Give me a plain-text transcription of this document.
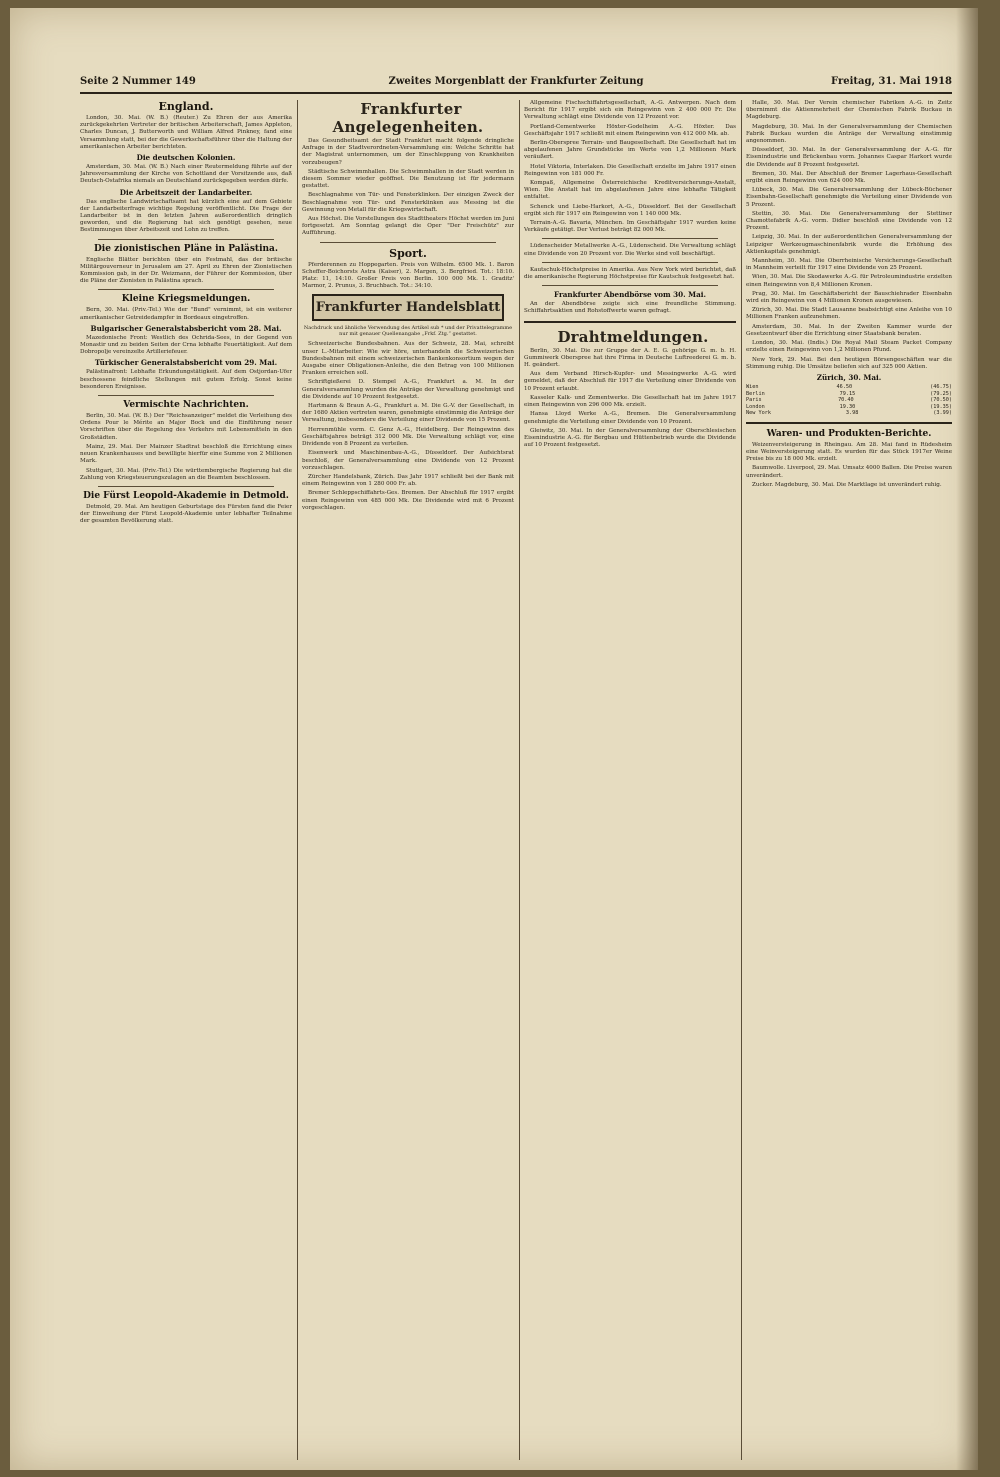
Seite 2 Nummer 149	Zweites Morgenblatt der Frankfurter Zeitung	Freitag, 31. Mai 1918

England.

London, 30. Mai. (W. B.) (Reuter.) Zu Ehren der aus Amerika zurückgekehrten Vertreter der britischen Arbeiterschaft, James Appleton, Charles Duncan, J. Butterworth und William Alfred Pinkney, fand eine Versammlung statt, bei der die Gewerkschaftsführer über die Haltung der amerikanischen Arbeiter berichteten.

Die deutschen Kolonien.

Amsterdam, 30. Mai. (W. B.) Nach einer Reutermeldung führte auf der Jahresversammlung der Kirche von Schottland der Vorsitzende aus, daß Deutsch-Ostafrika niemals an Deutschland zurückgegeben werden dürfe.

Die Arbeitszeit der Landarbeiter.

Das englische Landwirtschaftsamt hat kürzlich eine auf dem Gebiete der Landarbeiterfrage wichtige Regelung veröffentlicht. Die Frage der Landarbeiter ist in den letzten Jahren außerordentlich dringlich geworden, und die Regierung hat sich genötigt gesehen, neue Bestimmungen über Arbeitszeit und Lohn zu treffen.

Die zionistischen Pläne in Palästina.

Englische Blätter berichten über ein Festmahl, das der britische Militärgouverneur in Jerusalem am 27. April zu Ehren der Zionistischen Kommission gab, in der Dr. Weizmann, der Führer der Kommission, über die Pläne der Zionisten in Palästina sprach.

Kleine Kriegsmeldungen.

Bern, 30. Mai. (Priv.-Tel.) Wie der "Bund" vernimmt, ist ein weiterer amerikanischer Getreidedampfer in Bordeaux eingetroffen.

Bulgarischer Generalstabsbericht vom 28. Mai.

Mazedonische Front: Westlich des Ochrida-Sees, in der Gegend von Monastir und zu beiden Seiten der Crna lebhafte Feuertätigkeit. Auf dem Dobropolje vereinzelte Artilleriefeuer.

Türkischer Generalstabsbericht vom 29. Mai.

Palästinafront: Lebhafte Erkundungstätigkeit. Auf dem Ostjordan-Ufer beschossene feindliche Stellungen mit gutem Erfolg. Sonst keine besonderen Ereignisse.

Vermischte Nachrichten.

Berlin, 30. Mai. (W. B.) Der "Reichsanzeiger" meldet die Verleihung des Ordens Pour le Mérite an Major Bock und die Einführung neuer Vorschriften über die Regelung des Verkehrs mit Lebensmitteln in den Großstädten.

Mainz, 29. Mai. Der Mainzer Stadtrat beschloß die Errichtung eines neuen Krankenhauses und bewilligte hierfür eine Summe von 2 Millionen Mark.

Stuttgart, 30. Mai. (Priv.-Tel.) Die württembergische Regierung hat die Zahlung von Kriegsteuerungszulagen an die Beamten beschlossen.

Die Fürst Leopold-Akademie in Detmold.

Detmold, 29. Mai. Am heutigen Geburtstage des Fürsten fand die Feier der Einweihung der Fürst Leopold-Akademie unter lebhafter Teilnahme der gesamten Bevölkerung statt.

Frankfurter Angelegenheiten.

Das Gesundheitsamt der Stadt Frankfurt macht folgende dringliche Anfrage in der Stadtverordneten-Versammlung ein: Welche Schritte hat der Magistrat unternommen, um der Einschleppung von Krankheiten vorzubeugen?

Städtische Schwimmhallen. Die Schwimmhallen in der Stadt werden in diesem Sommer wieder geöffnet. Die Benutzung ist für jedermann gestattet.

Beschlagnahme von Tür- und Fensterklinken. Der einzigen Zweck der Beschlagnahme von Tür- und Fensterklinken aus Messing ist die Gewinnung von Metall für die Kriegswirtschaft.

Aus Höchst. Die Vorstellungen des Stadttheaters Höchst werden im Juni fortgesetzt. Am Sonntag gelangt die Oper "Der Freischütz" zur Aufführung.

Sport.

Pferderennen zu Hoppegarten. Preis von Wilhelm. 6500 Mk. 1. Baron Scheffer-Boichorsts Astra (Kaiser), 2. Margen, 3. Bergfried. Tot.: 18:10. Platz: 11, 14:10. Großer Preis von Berlin. 100 000 Mk. 1. Graditz' Marmor, 2. Prunus, 3. Bruchbach. Tot.: 34:10.

Frankfurter Handelsblatt
Nachdruck und ähnliche Verwendung des Artikel sub * und der Privattelegramme nur mit genauer Quellenangabe „Frkf. Ztg.“ gestattet.

Schweizerische Bundesbahnen. Aus der Schweiz, 28. Mai, schreibt unser L.-Mitarbeiter: Wie wir höre, unterhandeln die Schweizerischen Bundesbahnen mit einem schweizerischen Bankenkonsortium wegen der Ausgabe einer Obligationen-Anleihe, die den Betrag von 100 Millionen Franken erreichen soll.

Schriftgießerei D. Stempel A.-G., Frankfurt a. M. In der Generalversammlung wurden die Anträge der Verwaltung genehmigt und die Dividende auf 10 Prozent festgesetzt.

Hartmann & Braun A.-G., Frankfurt a. M. Die G.-V. der Gesellschaft, in der 1680 Aktien vertreten waren, genehmigte einstimmig die Anträge der Verwaltung, insbesondere die Verteilung einer Dividende von 15 Prozent.

Herrenmühle vorm. C. Genz A.-G., Heidelberg. Der Reingewinn des Geschäftsjahres beträgt 312 000 Mk. Die Verwaltung schlägt vor, eine Dividende von 8 Prozent zu verteilen.

Eisenwerk und Maschinenbau-A.-G., Düsseldorf. Der Aufsichtsrat beschloß, der Generalversammlung eine Dividende von 12 Prozent vorzuschlagen.

Zürcher Handelsbank, Zürich. Das Jahr 1917 schließt bei der Bank mit einem Reingewinn von 1 280 000 Fr. ab.

Bremer Schleppschiffahrts-Ges. Bremen. Der Abschluß für 1917 ergibt einen Reingewinn von 485 000 Mk. Die Dividende wird mit 6 Prozent vorgeschlagen.

Allgemeine Fischschiffahrtsgesellschaft, A.-G. Antwerpen. Nach dem Bericht für 1917 ergibt sich ein Reingewinn von 2 400 000 Fr. Die Verwaltung schlägt eine Dividende von 12 Prozent vor.

Portland-Cementwerke Höxter-Godelheim A.-G. Höxter. Das Geschäftsjahr 1917 schließt mit einem Reingewinn von 412 000 Mk. ab.

Berlin-Oberspree Terrain- und Baugesellschaft. Die Gesellschaft hat im abgelaufenen Jahre Grundstücke im Werte von 1,2 Millionen Mark veräußert.

Hotel Viktoria, Interlaken. Die Gesellschaft erzielte im Jahre 1917 einen Reingewinn von 181 000 Fr.

Kompaß, Allgemeine Österreichische Kreditversicherungs-Anstalt, Wien. Die Anstalt hat im abgelaufenen Jahre eine lebhafte Tätigkeit entfaltet.

Schenck und Liebe-Harkort, A.-G., Düsseldorf. Bei der Gesellschaft ergibt sich für 1917 ein Reingewinn von 1 140 000 Mk.

Terrain-A.-G. Bavaria, München. Im Geschäftsjahr 1917 wurden keine Verkäufe getätigt. Der Verlust beträgt 82 000 Mk.

Lüdenscheider Metallwerke A.-G., Lüdenscheid. Die Verwaltung schlägt eine Dividende von 20 Prozent vor. Die Werke sind voll beschäftigt.

Kautschuk-Höchstpreise in Amerika. Aus New York wird berichtet, daß die amerikanische Regierung Höchstpreise für Kautschuk festgesetzt hat.

Frankfurter Abendbörse vom 30. Mai.

An der Abendbörse zeigte sich eine freundliche Stimmung. Schiffahrtsaktien und Rohstoffwerte waren gefragt.

Drahtmeldungen.

Berlin, 30. Mai. Die zur Gruppe der A. E. G. gehörige G. m. b. H. Gummiwerk Oberspree hat ihre Firma in Deutsche Luftreederei G. m. b. H. geändert.

Aus dem Verband Hirsch-Kupfer- und Messingwerke A.-G. wird gemeldet, daß der Abschluß für 1917 die Verteilung einer Dividende von 10 Prozent erlaubt.

Kasseler Kalk- und Zementwerke. Die Gesellschaft hat im Jahre 1917 einen Reingewinn von 296 000 Mk. erzielt.

Hansa Lloyd Werke A.-G., Bremen. Die Generalversammlung genehmigte die Verteilung einer Dividende von 10 Prozent.

Gleiwitz, 30. Mai. In der Generalversammlung der Oberschlesischen Eisenindustrie A.-G. für Bergbau und Hüttenbetrieb wurde die Dividende auf 10 Prozent festgesetzt.

Halle, 30. Mai. Der Verein chemischer Fabriken A.-G. in Zeitz übernimmt die Aktienmehrheit der Chemischen Fabrik Buckau in Magdeburg.

Magdeburg, 30. Mai. In der Generalversammlung der Chemischen Fabrik Buckau wurden die Anträge der Verwaltung einstimmig angenommen.

Düsseldorf, 30. Mai. In der Generalversammlung der A.-G. für Eisenindustrie und Brückenbau vorm. Johannes Caspar Harkort wurde die Dividende auf 8 Prozent festgesetzt.

Bremen, 30. Mai. Der Abschluß der Bremer Lagerhaus-Gesellschaft ergibt einen Reingewinn von 624 000 Mk.

Lübeck, 30. Mai. Die Generalversammlung der Lübeck-Büchener Eisenbahn-Gesellschaft genehmigte die Verteilung einer Dividende von 5 Prozent.

Stettin, 30. Mai. Die Generalversammlung der Stettiner Chamottefabrik A.-G. vorm. Didier beschloß eine Dividende von 12 Prozent.

Leipzig, 30. Mai. In der außerordentlichen Generalversammlung der Leipziger Werkzeugmaschinenfabrik wurde die Erhöhung des Aktienkapitals genehmigt.

Mannheim, 30. Mai. Die Oberrheinische Versicherungs-Gesellschaft in Mannheim verteilt für 1917 eine Dividende von 25 Prozent.

Wien, 30. Mai. Die Skodawerke A.-G. für Petroleumindustrie erzielten einen Reingewinn von 8,4 Millionen Kronen.

Prag, 30. Mai. Im Geschäftsbericht der Bauschiehrader Eisenbahn wird ein Reingewinn von 4 Millionen Kronen ausgewiesen.

Zürich, 30. Mai. Die Stadt Lausanne beabsichtigt eine Anleihe von 10 Millionen Franken aufzunehmen.

Amsterdam, 30. Mai. In der Zweiten Kammer wurde der Gesetzentwurf über die Errichtung einer Staatsbank beraten.

London, 30. Mai. (Indis.) Die Royal Mail Steam Packet Company erzielte einen Reingewinn von 1,2 Millionen Pfund.

New York, 29. Mai. Bei den heutigen Börsengeschäften war die Stimmung ruhig. Die Umsätze beliefen sich auf 325 000 Aktien.

Zürich, 30. Mai.

Wien	46.50	(46.75)
Berlin	79.15	(79.25)
Paris	70.40	(70.50)
London	19.30	(19.35)
New York	3.98	(3.99)

Waren- und Produkten-Berichte.

Weizenversteigerung in Rheingau. Am 28. Mai fand in Rüdesheim eine Weinversteigerung statt. Es wurden für das Stück 1917er Weine Preise bis zu 18 000 Mk. erzielt.

Baumwolle. Liverpool, 29. Mai. Umsatz 4000 Ballen. Die Preise waren unverändert.

Zucker. Magdeburg, 30. Mai. Die Marktlage ist unverändert ruhig.
